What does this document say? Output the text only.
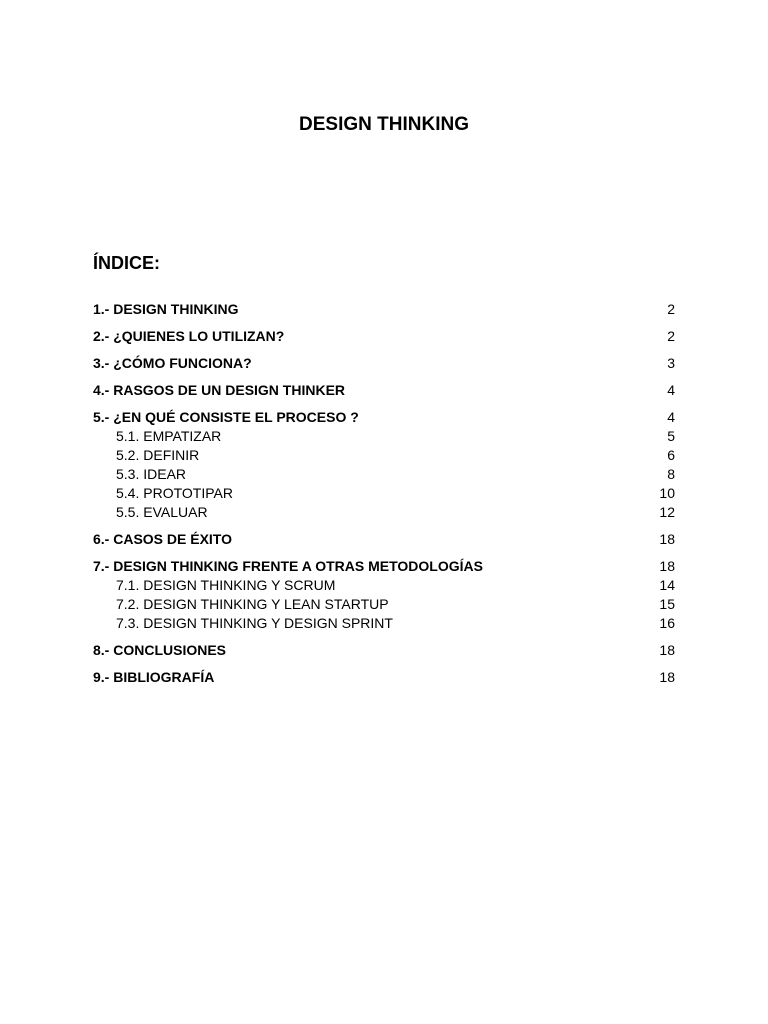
DESIGN THINKING
ÍNDICE:
1.- DESIGN THINKING	2
2.- ¿QUIENES LO UTILIZAN?	2
3.- ¿CÓMO FUNCIONA?	3
4.- RASGOS DE UN DESIGN THINKER	4
5.- ¿EN QUÉ CONSISTE EL PROCESO ?	4
5.1. EMPATIZAR	5
5.2. DEFINIR	6
5.3. IDEAR	8
5.4. PROTOTIPAR	10
5.5. EVALUAR	12
6.- CASOS DE ÉXITO	18
7.- DESIGN THINKING FRENTE A OTRAS METODOLOGÍAS	18
7.1. DESIGN THINKING Y SCRUM	14
7.2. DESIGN THINKING Y LEAN STARTUP	15
7.3. DESIGN THINKING Y DESIGN SPRINT	16
8.- CONCLUSIONES	18
9.- BIBLIOGRAFÍA	18
